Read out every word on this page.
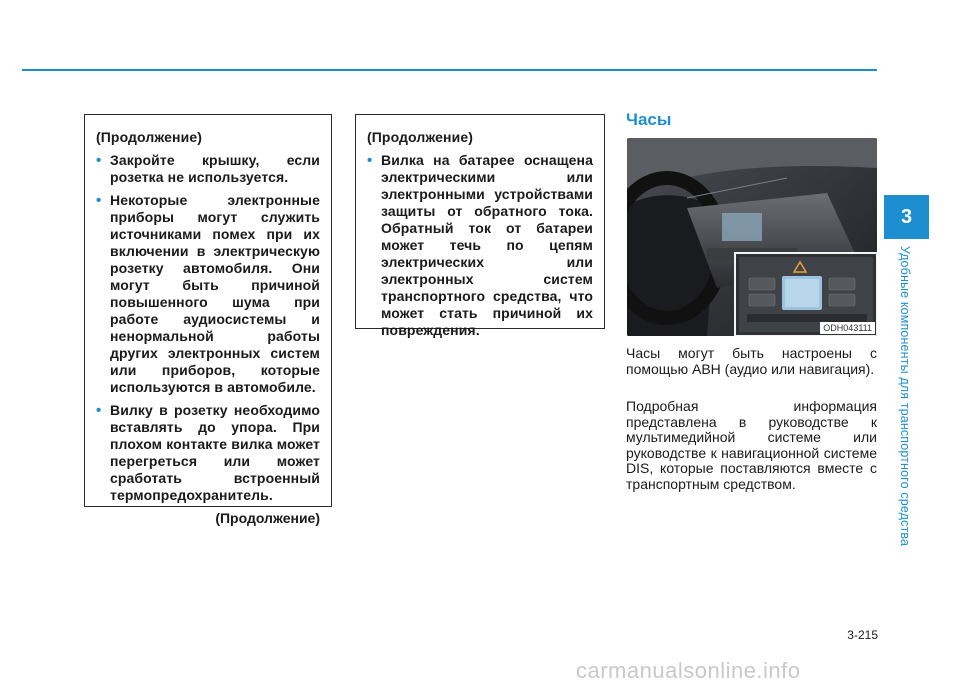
(Продолжение)
• Закройте крышку, если розетка не используется.
• Некоторые электронные приборы могут служить источниками помех при их включении в электрическую розетку автомобиля. Они могут быть причиной повышенного шума при работе аудиосистемы и ненормальной работы других электронных систем или приборов, которые используются в автомобиле.
• Вилку в розетку необходимо вставлять до упора. При плохом контакте вилка может перегреться или может сработать встроенный термопредохранитель.
(Продолжение)
(Продолжение)
• Вилка на батарее оснащена электрическими или электронными устройствами защиты от обратного тока. Обратный ток от батареи может течь по цепям электрических или электронных систем транспортного средства, что может стать причиной их повреждения.
Часы
ODH043111

Часы могут быть настроены с помощью АВН (аудио или навигация).

Подробная информация представлена в руководстве к мультимедийной системе или руководстве к навигационной системе DIS, которые поставляются вместе с транспортным средством.

3
Удобные компоненты для транспортного средства
3-215
carmanualsonline.info
